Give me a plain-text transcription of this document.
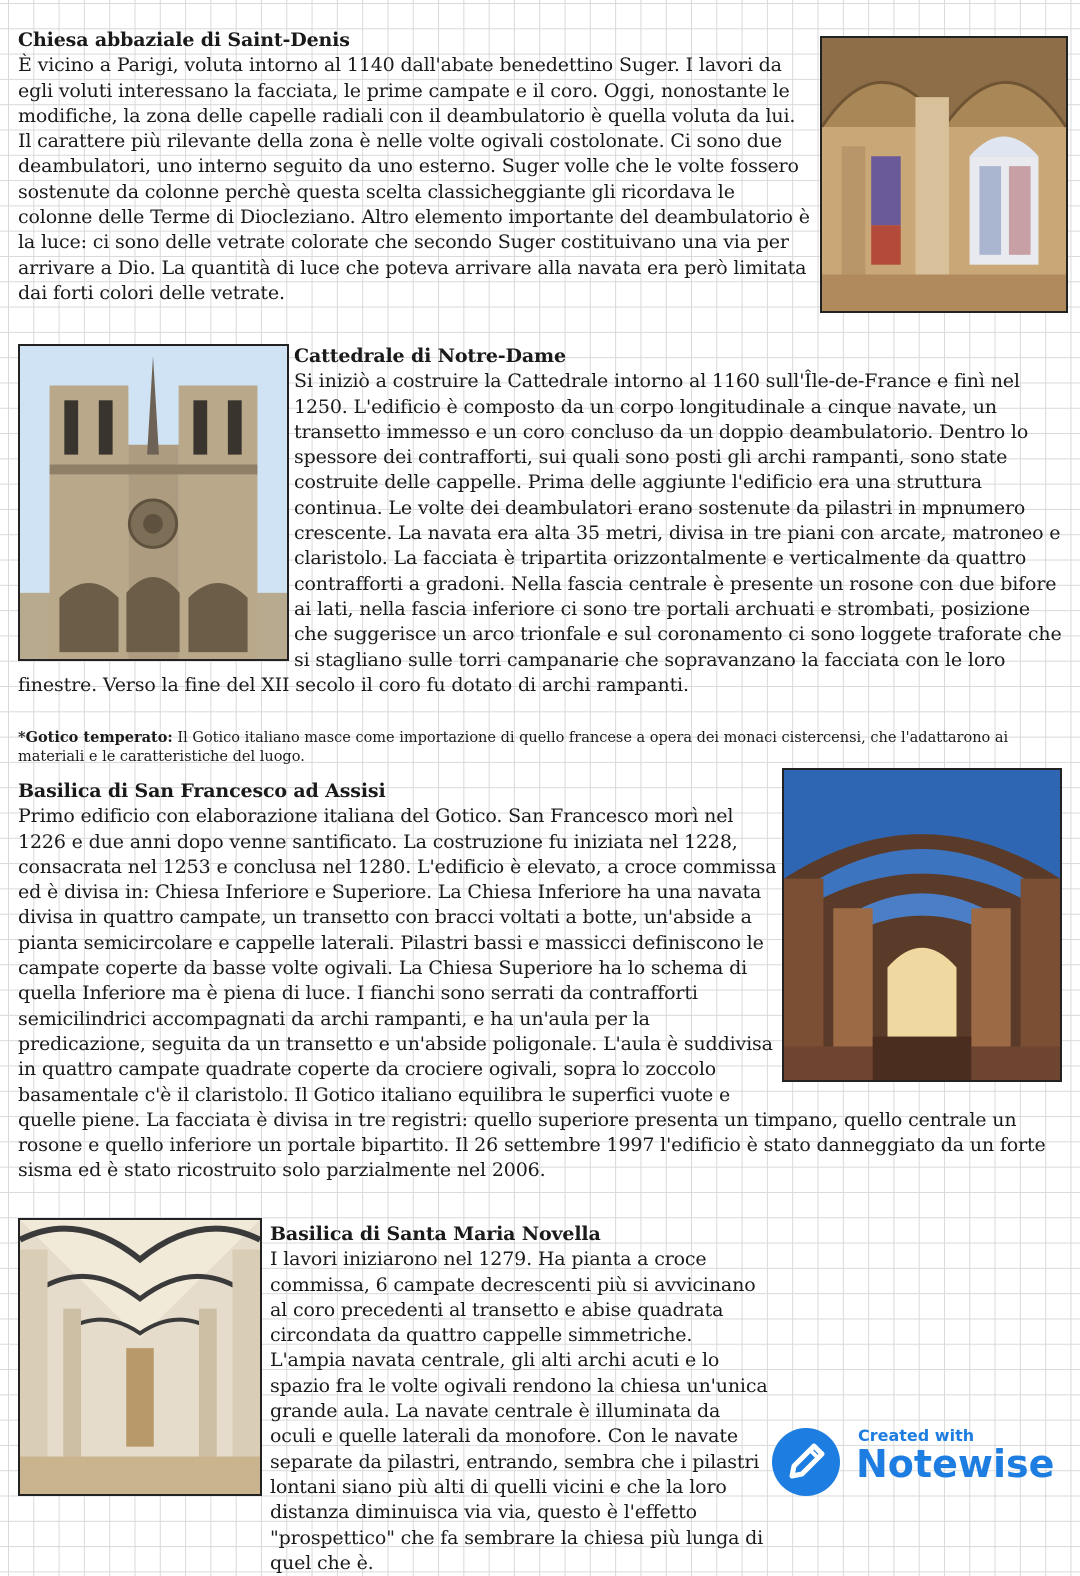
Chiesa abbaziale di Saint-Denis
È vicino a Parigi, voluta intorno al 1140 dall'abate benedettino Suger. I lavori da egli voluti interessano la facciata, le prime campate e il coro. Oggi, nonostante le modifiche, la zona delle capelle radiali con il deambulatorio è quella voluta da lui. Il carattere più rilevante della zona è nelle volte ogivali costolonate. Ci sono due deambulatori, uno interno seguito da uno esterno. Suger volle che le volte fossero sostenute da colonne perchè questa scelta classicheggiante gli ricordava le colonne delle Terme di Diocleziano. Altro elemento importante del deambulatorio è la luce: ci sono delle vetrate colorate che secondo Suger costituivano una via per arrivare a Dio. La quantità di luce che poteva arrivare alla navata era però limitata dai forti colori delle vetrate.
Cattedrale di Notre-Dame
Si iniziò a costruire la Cattedrale intorno al 1160 sull'Île-de-France e finì nel 1250. L'edificio è composto da un corpo longitudinale a cinque navate, un transetto immesso e un coro concluso da un doppio deambulatorio. Dentro lo spessore dei contrafforti, sui quali sono posti gli archi rampanti, sono state costruite delle cappelle. Prima delle aggiunte l'edificio era una struttura continua. Le volte dei deambulatori erano sostenute da pilastri in mpnumero crescente. La navata era alta 35 metri, divisa in tre piani con arcate, matroneo e claristolo. La facciata è tripartita orizzontalmente e verticalmente da quattro contrafforti a gradoni. Nella fascia centrale è presente un rosone con due bifore ai lati, nella fascia inferiore ci sono tre portali archuati e strombati, posizione che suggerisce un arco trionfale e sul coronamento ci sono loggete traforate che si stagliano sulle torri campanarie che sopravanzano la facciata con le loro finestre. Verso la fine del XII secolo il coro fu dotato di archi rampanti.
*Gotico temperato: Il Gotico italiano masce come importazione di quello francese a opera dei monaci cistercensi, che l'adattarono ai materiali e le caratteristiche del luogo.
Basilica di San Francesco ad Assisi
Primo edificio con elaborazione italiana del Gotico. San Francesco morì nel 1226 e due anni dopo venne santificato. La costruzione fu iniziata nel 1228, consacrata nel 1253 e conclusa nel 1280. L'edificio è elevato, a croce commissa ed è divisa in: Chiesa Inferiore e Superiore. La Chiesa Inferiore ha una navata divisa in quattro campate, un transetto con bracci voltati a botte, un'abside a pianta semicircolare e cappelle laterali. Pilastri bassi e massicci definiscono le campate coperte da basse volte ogivali. La Chiesa Superiore ha lo schema di quella Inferiore ma è piena di luce. I fianchi sono serrati da contrafforti semicilindrici accompagnati da archi rampanti, e ha un'aula per la predicazione, seguita da un transetto e un'abside poligonale. L'aula è suddivisa in quattro campate quadrate coperte da crociere ogivali, sopra lo zoccolo basamentale c'è il claristolo. Il Gotico italiano equilibra le superfici vuote e quelle piene. La facciata è divisa in tre registri: quello superiore presenta un timpano, quello centrale un rosone e quello inferiore un portale bipartito. Il 26 settembre 1997 l'edificio è stato danneggiato da un forte sisma ed è stato ricostruito solo parzialmente nel 2006.
Basilica di Santa Maria Novella
I lavori iniziarono nel 1279. Ha pianta a croce commissa, 6 campate decrescenti più si avvicinano al coro precedenti al transetto e abise quadrata circondata da quattro cappelle simmetriche. L'ampia navata centrale, gli alti archi acuti e lo spazio fra le volte ogivali rendono la chiesa un'unica grande aula. La navate centrale è illuminata da oculi e quelle laterali da monofore. Con le navate separate da pilastri, entrando, sembra che i pilastri lontani siano più alti di quelli vicini e che la loro distanza diminuisca via via, questo è l'effetto "prospettico" che fa sembrare la chiesa più lunga di quel che è.
Created with
Notewise
